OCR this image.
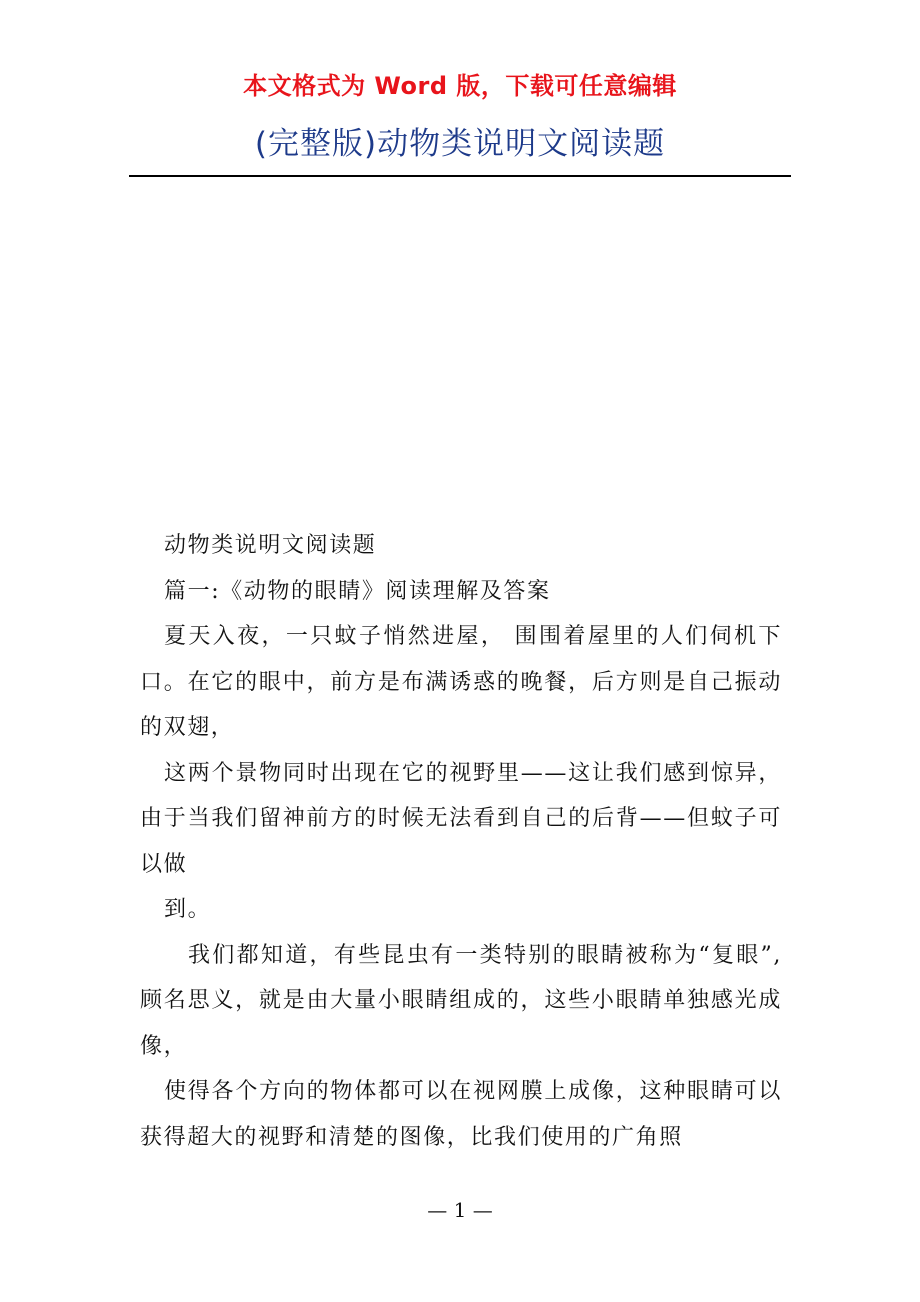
本文格式为 Word 版，下载可任意编辑
(完整版)动物类说明文阅读题

动物类说明文阅读题

篇一:《动物的眼睛》阅读理解及答案

夏天入夜，一只蚊子悄然进屋， 围围着屋里的人们伺机下口。在它的眼中，前方是布满诱惑的晚餐，后方则是自己振动的双翅，

这两个景物同时出现在它的视野里——这让我们感到惊异，由于当我们留神前方的时候无法看到自己的后背——但蚊子可以做

到。

我们都知道，有些昆虫有一类特别的眼睛被称为“复眼”,顾名思义，就是由大量小眼睛组成的，这些小眼睛单独感光成像，

使得各个方向的物体都可以在视网膜上成像，这种眼睛可以获得超大的视野和清楚的图像，比我们使用的广角照

— 1 —
